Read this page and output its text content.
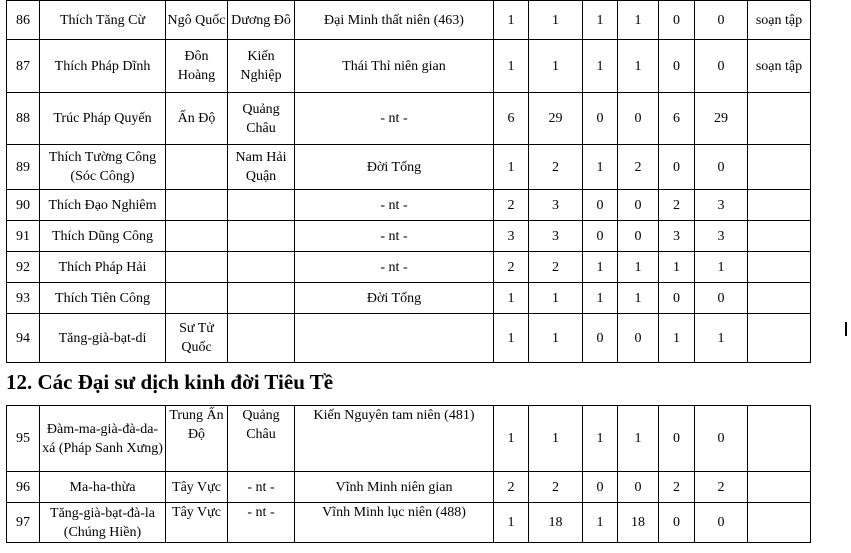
86	Thích Tăng Cừ	Ngô Quốc	Dương Đô	Đại Minh thất niên (463)	1	1	1	1	0	0	soạn tập
87	Thích Pháp Dĩnh	Đôn Hoàng	Kiến Nghiệp	Thái Thỉ niên gian	1	1	1	1	0	0	soạn tập
88	Trúc Pháp Quyến	Ấn Độ	Quảng Châu	- nt -	6	29	0	0	6	29	
89	Thích Tường Công (Sóc Công)		Nam Hải Quận	Đời Tống	1	2	1	2	0	0	
90	Thích Đạo Nghiêm			- nt -	2	3	0	0	2	3	
91	Thích Dũng Công			- nt -	3	3	0	0	3	3	
92	Thích Pháp Hải			- nt -	2	2	1	1	1	1	
93	Thích Tiên Công			Đời Tống	1	1	1	1	0	0	
94	Tăng-già-bạt-di	Sư Tử Quốc			1	1	0	0	1	1	
12. Các Đại sư dịch kinh đời Tiêu Tề
95	Đàm-ma-già-đà-da-xá (Pháp Sanh Xưng)	Trung Ấn Độ	Quảng Châu	Kiến Nguyên tam niên (481)	1	1	1	1	0	0	
96	Ma-ha-thừa	Tây Vực	- nt -	Vĩnh Minh niên gian	2	2	0	0	2	2	
97	Tăng-già-bạt-đà-la (Chúng Hiền)	Tây Vực	- nt -	Vĩnh Minh lục niên (488)	1	18	1	18	0	0	
